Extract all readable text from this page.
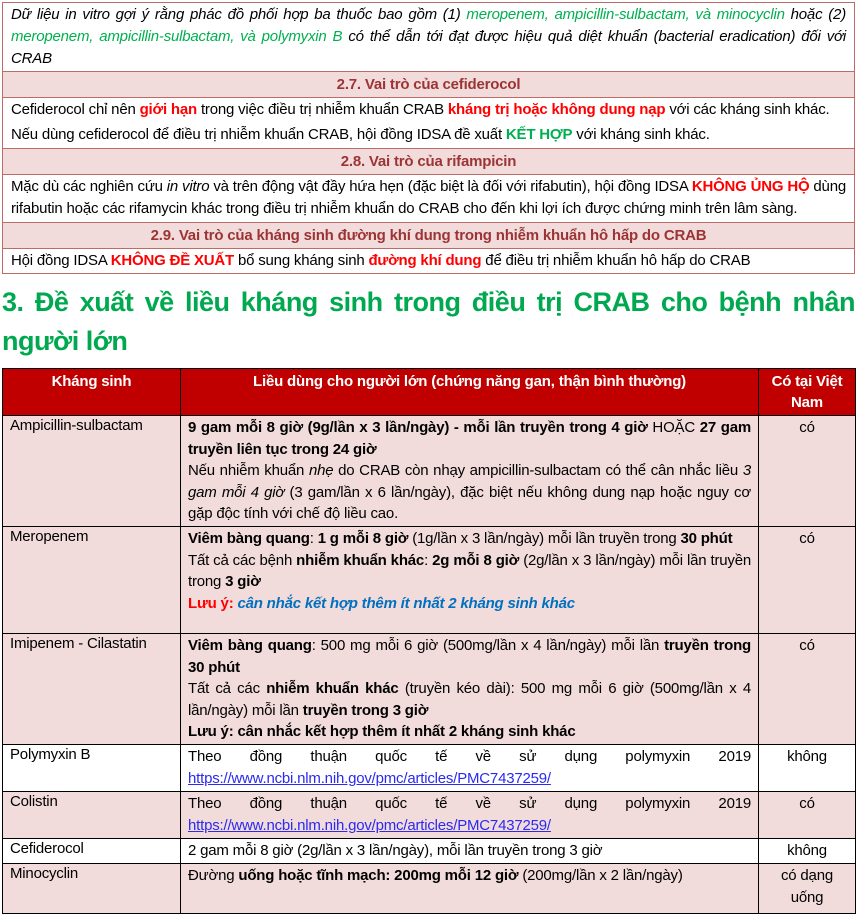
Dữ liệu in vitro gợi ý rằng phác đồ phối hợp ba thuốc bao gồm (1) meropenem, ampicillin-sulbactam, và minocyclin hoặc (2) meropenem, ampicillin-sulbactam, và polymyxin B có thể dẫn tới đạt được hiệu quả diệt khuẩn (bacterial eradication) đối với CRAB
2.7. Vai trò của cefiderocol
Cefiderocol chỉ nên giới hạn trong việc điều trị nhiễm khuẩn CRAB kháng trị hoặc không dung nạp với các kháng sinh khác.
Nếu dùng cefiderocol để điều trị nhiễm khuẩn CRAB, hội đồng IDSA đề xuất KẾT HỢP với kháng sinh khác.
2.8. Vai trò của rifampicin
Mặc dù các nghiên cứu in vitro và trên động vật đầy hứa hẹn (đặc biệt là đối với rifabutin), hội đồng IDSA KHÔNG ỦNG HỘ dùng rifabutin hoặc các rifamycin khác trong điều trị nhiễm khuẩn do CRAB cho đến khi lợi ích được chứng minh trên lâm sàng.
2.9. Vai trò của kháng sinh đường khí dung trong nhiễm khuẩn hô hấp do CRAB
Hội đồng IDSA KHÔNG ĐỀ XUẤT bổ sung kháng sinh đường khí dung để điều trị nhiễm khuẩn hô hấp do CRAB
3. Đề xuất về liều kháng sinh trong điều trị CRAB cho bệnh nhân người lớn
Kháng sinh	Liều dùng cho người lớn (chứng năng gan, thận bình thường)	Có tại Việt Nam
Ampicillin-sulbactam	9 gam mỗi 8 giờ (9g/lần x 3 lần/ngày) - mỗi lần truyền trong 4 giờ HOẶC 27 gam truyền liên tục trong 24 giờ

Nếu nhiễm khuẩn nhẹ do CRAB còn nhạy ampicillin-sulbactam có thể cân nhắc liều 3 gam mỗi 4 giờ (3 gam/lần x 6 lần/ngày), đặc biệt nếu không dung nạp hoặc nguy cơ gặp độc tính với chế độ liều cao.	có
Meropenem	Viêm bàng quang: 1 g mỗi 8 giờ (1g/lần x 3 lần/ngày) mỗi lần truyền trong 30 phút

Tất cả các bệnh nhiễm khuẩn khác: 2g mỗi 8 giờ (2g/lần x 3 lần/ngày) mỗi lần truyền trong 3 giờ

Lưu ý: cân nhắc kết hợp thêm ít nhất 2 kháng sinh khác	có
Imipenem - Cilastatin	Viêm bàng quang: 500 mg mỗi 6 giờ (500mg/lần x 4 lần/ngày) mỗi lần truyền trong 30 phút

Tất cả các nhiễm khuẩn khác (truyền kéo dài): 500 mg mỗi 6 giờ (500mg/lần x 4 lần/ngày) mỗi lần truyền trong 3 giờ

Lưu ý: cân nhắc kết hợp thêm ít nhất 2 kháng sinh khác	có
Polymyxin B	Theo đồng thuận quốc tế về sử dụng polymyxin 2019 https://www.ncbi.nlm.nih.gov/pmc/articles/PMC7437259/	không
Colistin	Theo đồng thuận quốc tế về sử dụng polymyxin 2019 https://www.ncbi.nlm.nih.gov/pmc/articles/PMC7437259/	có
Cefiderocol	2 gam mỗi 8 giờ (2g/lần x 3 lần/ngày), mỗi lần truyền trong 3 giờ	không
Minocyclin	Đường uống hoặc tĩnh mạch: 200mg mỗi 12 giờ (200mg/lần x 2 lần/ngày)	có dạng uống
